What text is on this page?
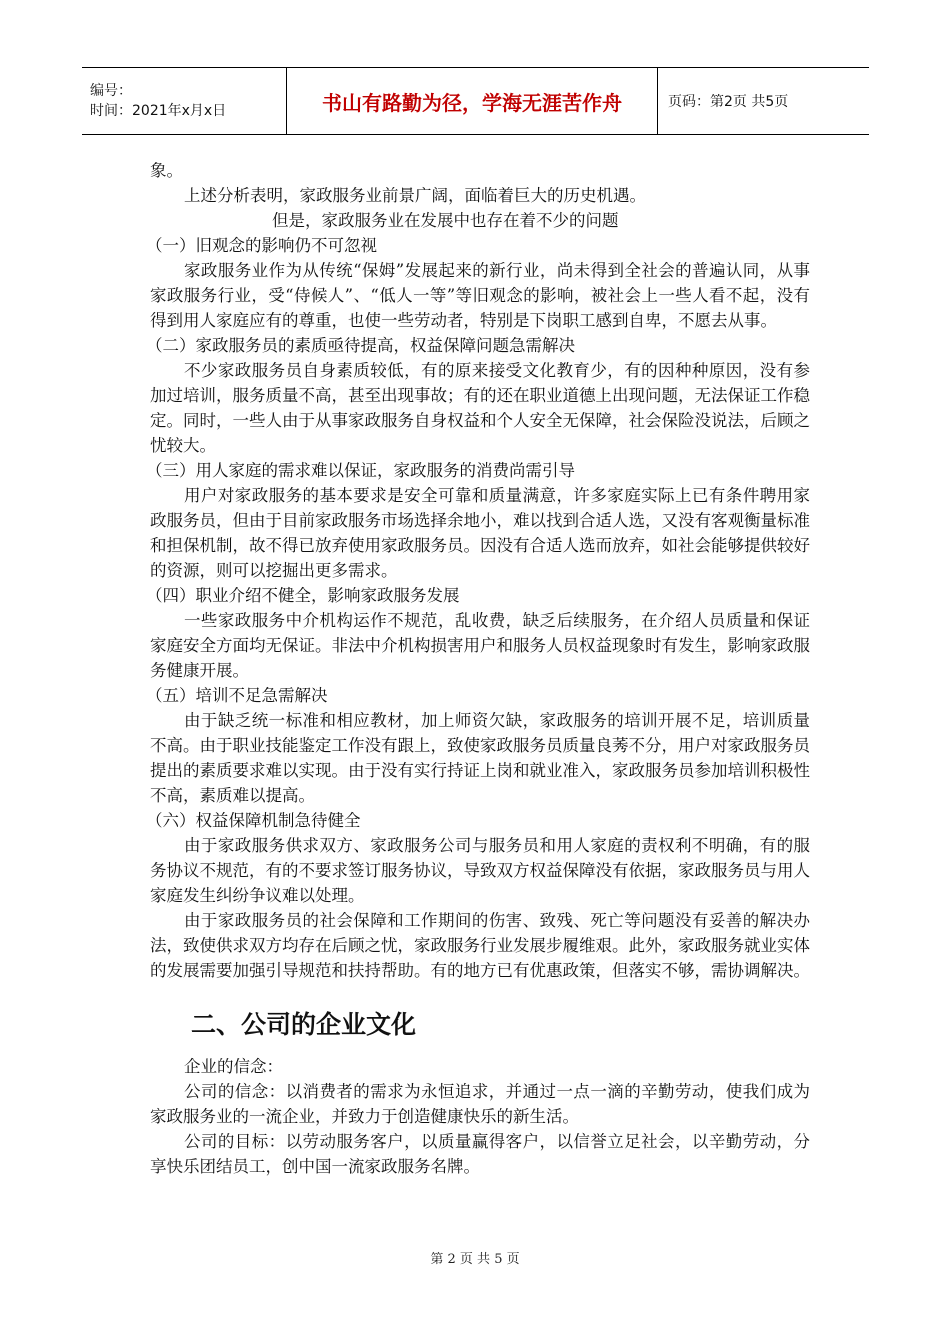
编号：
时间：2021年x月x日	书山有路勤为径，学海无涯苦作舟	页码：第2页 共5页

象。

上述分析表明，家政服务业前景广阔，面临着巨大的历史机遇。

但是，家政服务业在发展中也存在着不少的问题

（一）旧观念的影响仍不可忽视

家政服务业作为从传统“保姆”发展起来的新行业，尚未得到全社会的普遍认同，从事家政服务行业，受“侍候人”、“低人一等”等旧观念的影响，被社会上一些人看不起，没有得到用人家庭应有的尊重，也使一些劳动者，特别是下岗职工感到自卑，不愿去从事。

（二）家政服务员的素质亟待提高，权益保障问题急需解决

不少家政服务员自身素质较低，有的原来接受文化教育少，有的因种种原因，没有参加过培训，服务质量不高，甚至出现事故；有的还在职业道德上出现问题，无法保证工作稳定。同时，一些人由于从事家政服务自身权益和个人安全无保障，社会保险没说法，后顾之忧较大。

（三）用人家庭的需求难以保证，家政服务的消费尚需引导

用户对家政服务的基本要求是安全可靠和质量满意，许多家庭实际上已有条件聘用家政服务员，但由于目前家政服务市场选择余地小，难以找到合适人选，又没有客观衡量标准和担保机制，故不得已放弃使用家政服务员。因没有合适人选而放弃，如社会能够提供较好的资源，则可以挖掘出更多需求。

（四）职业介绍不健全，影响家政服务发展

一些家政服务中介机构运作不规范，乱收费，缺乏后续服务，在介绍人员质量和保证家庭安全方面均无保证。非法中介机构损害用户和服务人员权益现象时有发生，影响家政服务健康开展。

（五）培训不足急需解决

由于缺乏统一标准和相应教材，加上师资欠缺，家政服务的培训开展不足，培训质量不高。由于职业技能鉴定工作没有跟上，致使家政服务员质量良莠不分，用户对家政服务员提出的素质要求难以实现。由于没有实行持证上岗和就业准入，家政服务员参加培训积极性不高，素质难以提高。

（六）权益保障机制急待健全

由于家政服务供求双方、家政服务公司与服务员和用人家庭的责权利不明确，有的服务协议不规范，有的不要求签订服务协议，导致双方权益保障没有依据，家政服务员与用人家庭发生纠纷争议难以处理。

由于家政服务员的社会保障和工作期间的伤害、致残、死亡等问题没有妥善的解决办法，致使供求双方均存在后顾之忧，家政服务行业发展步履维艰。此外，家政服务就业实体的发展需要加强引导规范和扶持帮助。有的地方已有优惠政策，但落实不够，需协调解决。

二、公司的企业文化

企业的信念：

公司的信念：以消费者的需求为永恒追求，并通过一点一滴的辛勤劳动，使我们成为家政服务业的一流企业，并致力于创造健康快乐的新生活。

公司的目标：以劳动服务客户，以质量赢得客户，以信誉立足社会，以辛勤劳动，分享快乐团结员工，创中国一流家政服务名牌。

第 2 页 共 5 页
